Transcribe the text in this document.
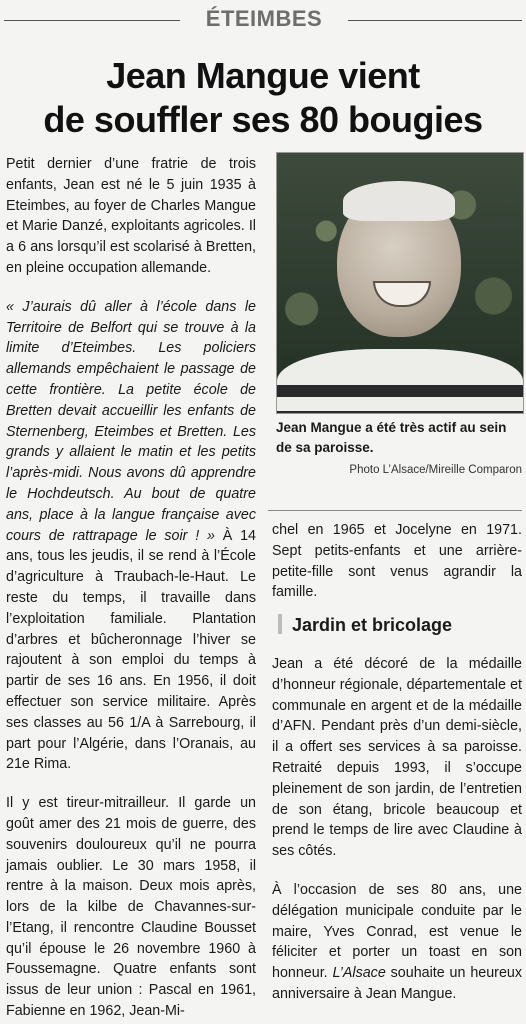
ÉTEIMBES
Jean Mangue vient
de souffler ses 80 bougies

Petit dernier d’une fratrie de trois enfants, Jean est né le 5 juin 1935 à Eteimbes, au foyer de Charles Mangue et Marie Danzé, exploitants agricoles. Il a 6 ans lorsqu’il est scolarisé à Bretten, en pleine occupation allemande.

« J’aurais dû aller à l’école dans le Territoire de Belfort qui se trouve à la limite d’Eteimbes. Les policiers allemands empêchaient le passage de cette frontière. La petite école de Bretten devait accueillir les enfants de Sternenberg, Eteimbes et Bretten. Les grands y allaient le matin et les petits l’après-midi. Nous avons dû apprendre le Hochdeutsch. Au bout de quatre ans, place à la langue française avec cours de rattrapage le soir ! » À 14 ans, tous les jeudis, il se rend à l’École d’agriculture à Traubach-le-Haut. Le reste du temps, il travaille dans l’exploitation familiale. Plantation d’arbres et bûcheronnage l’hiver se rajoutent à son emploi du temps à partir de ses 16 ans. En 1956, il doit effectuer son service militaire. Après ses classes au 56 1/A à Sarrebourg, il part pour l’Algérie, dans l’Oranais, au 21e Rima.

Il y est tireur-mitrailleur. Il garde un goût amer des 21 mois de guerre, des souvenirs douloureux qu’il ne pourra jamais oublier. Le 30 mars 1958, il rentre à la maison. Deux mois après, lors de la kilbe de Chavannes-sur-l’Etang, il rencontre Claudine Bousset qu’il épouse le 26 novembre 1960 à Foussemagne. Quatre enfants sont issus de leur union : Pascal en 1961, Fabienne en 1962, Jean-Mi-

Jean Mangue a été très actif au sein de sa paroisse.
Photo L’Alsace/Mireille Comparon

chel en 1965 et Jocelyne en 1971. Sept petits-enfants et une arrière-petite-fille sont venus agrandir la famille.

Jardin et bricolage

Jean a été décoré de la médaille d’honneur régionale, départementale et communale en argent et de la médaille d’AFN. Pendant près d’un demi-siècle, il a offert ses services à sa paroisse. Retraité depuis 1993, il s’occupe pleinement de son jardin, de l’entretien de son étang, bricole beaucoup et prend le temps de lire avec Claudine à ses côtés.

À l’occasion de ses 80 ans, une délégation municipale conduite par le maire, Yves Conrad, est venue le féliciter et porter un toast en son honneur. L’Alsace souhaite un heureux anniversaire à Jean Mangue.
